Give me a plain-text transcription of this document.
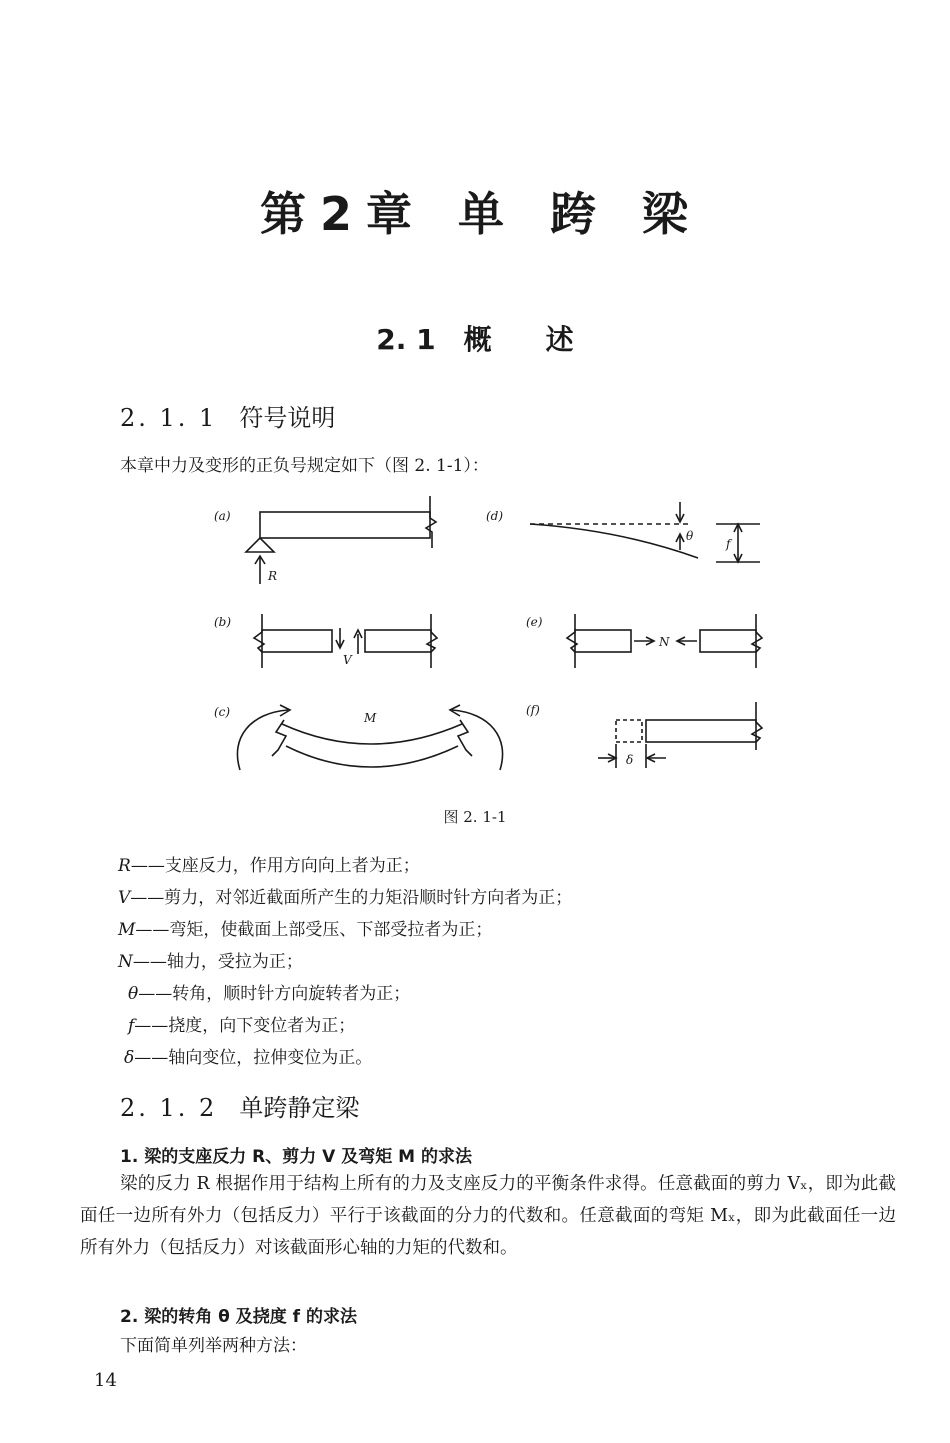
第 2 章 单 跨 梁
2. 1 概 述
2. 1. 1 符号说明
本章中力及变形的正负号规定如下（图 2. 1-1）：
(a)
(b)
(c)
(d)
(e)
(f)
R
V
M
N
θ
f
δ
图 2. 1-1
R——支座反力，作用方向向上者为正；
V——剪力，对邻近截面所产生的力矩沿顺时针方向者为正；
M——弯矩，使截面上部受压、下部受拉者为正；
N——轴力，受拉为正；
θ——转角，顺时针方向旋转者为正；
f——挠度，向下变位者为正；
δ——轴向变位，拉伸变位为正。
2. 1. 2 单跨静定梁
1. 梁的支座反力 R、剪力 V 及弯矩 M 的求法
梁的反力 R 根据作用于结构上所有的力及支座反力的平衡条件求得。任意截面的剪力 Vₓ，即为此截面任一边所有外力（包括反力）平行于该截面的分力的代数和。任意截面的弯矩 Mₓ，即为此截面任一边所有外力（包括反力）对该截面形心轴的力矩的代数和。
2. 梁的转角 θ 及挠度 f 的求法
下面简单列举两种方法：
14
